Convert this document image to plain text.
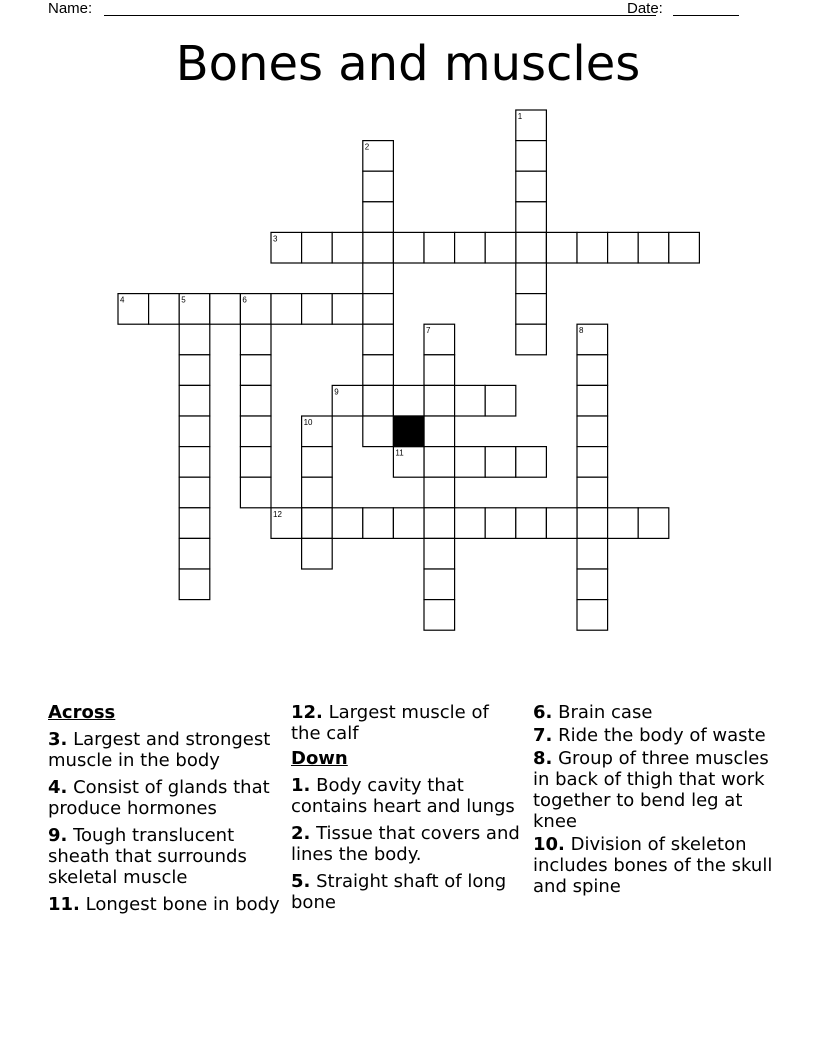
Name:	Date:
Bones and muscles
1
2
3
4	5	6
7	8
9
10
11
12
Across
3. Largest and strongest muscle in the body
4. Consist of glands that produce hormones
9. Tough translucent sheath that surrounds skeletal muscle
11. Longest bone in body
12. Largest muscle of the calf
Down
1. Body cavity that contains heart and lungs
2. Tissue that covers and lines the body.
5. Straight shaft of long bone
6. Brain case
7. Ride the body of waste
8. Group of three muscles in back of thigh that work together to bend leg at knee
10. Division of skeleton includes bones of the skull and spine
